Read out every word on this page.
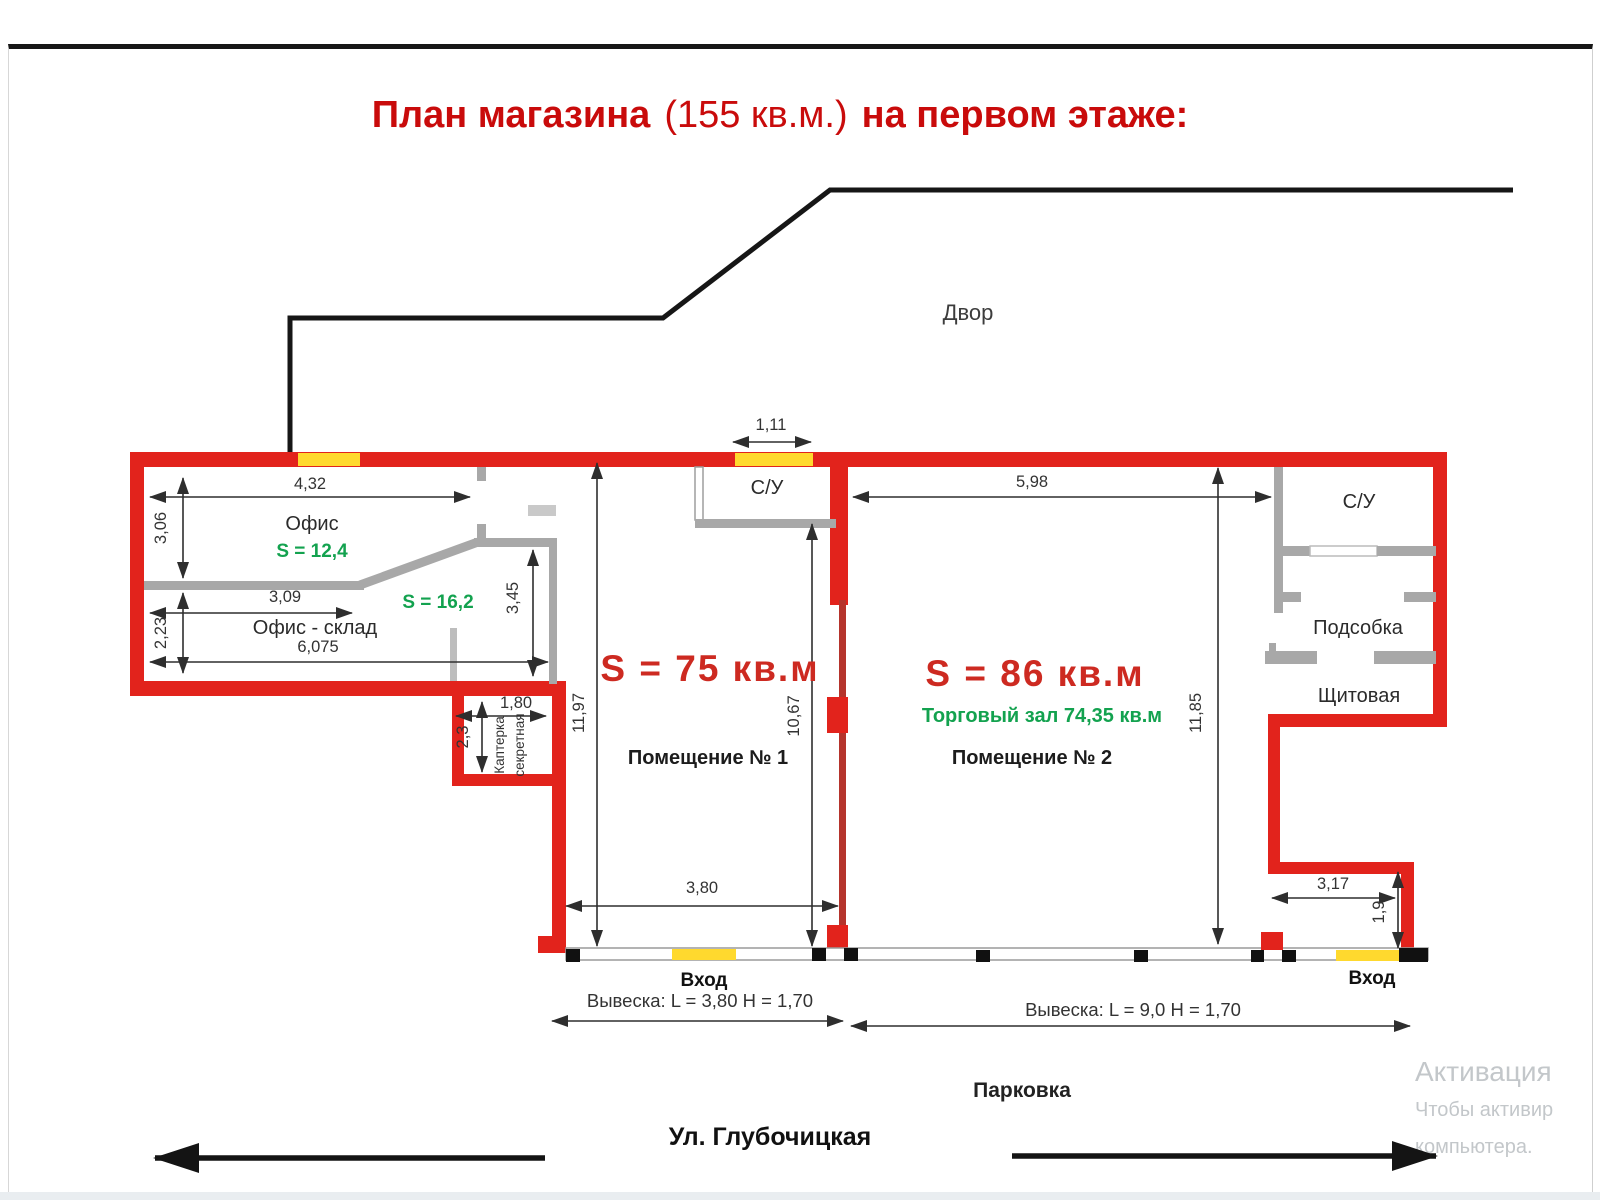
План магазина (155 кв.м.) на первом этаже:
Активация
Чтобы активир
компьютера.
Двор
4,32
3,06
3,09
2,23	6,075
3,45
1,80
2,3
11,97
1,11
10,67
3,80
5,98
11,85
3,17
1,9
Офис
S = 12,4
Офис - склад
S = 16,2
Каптерка секретная
С/У
S = 75 кв.м
Помещение № 1
S = 86 кв.м
Торговый зал 74,35 кв.м
Помещение № 2
С/У
Подсобка
Щитовая
Вход
Вывеска: L = 3,80 H = 1,70
Вход
Вывеска: L = 9,0 H = 1,70
Парковка
Ул. Глубочицкая
